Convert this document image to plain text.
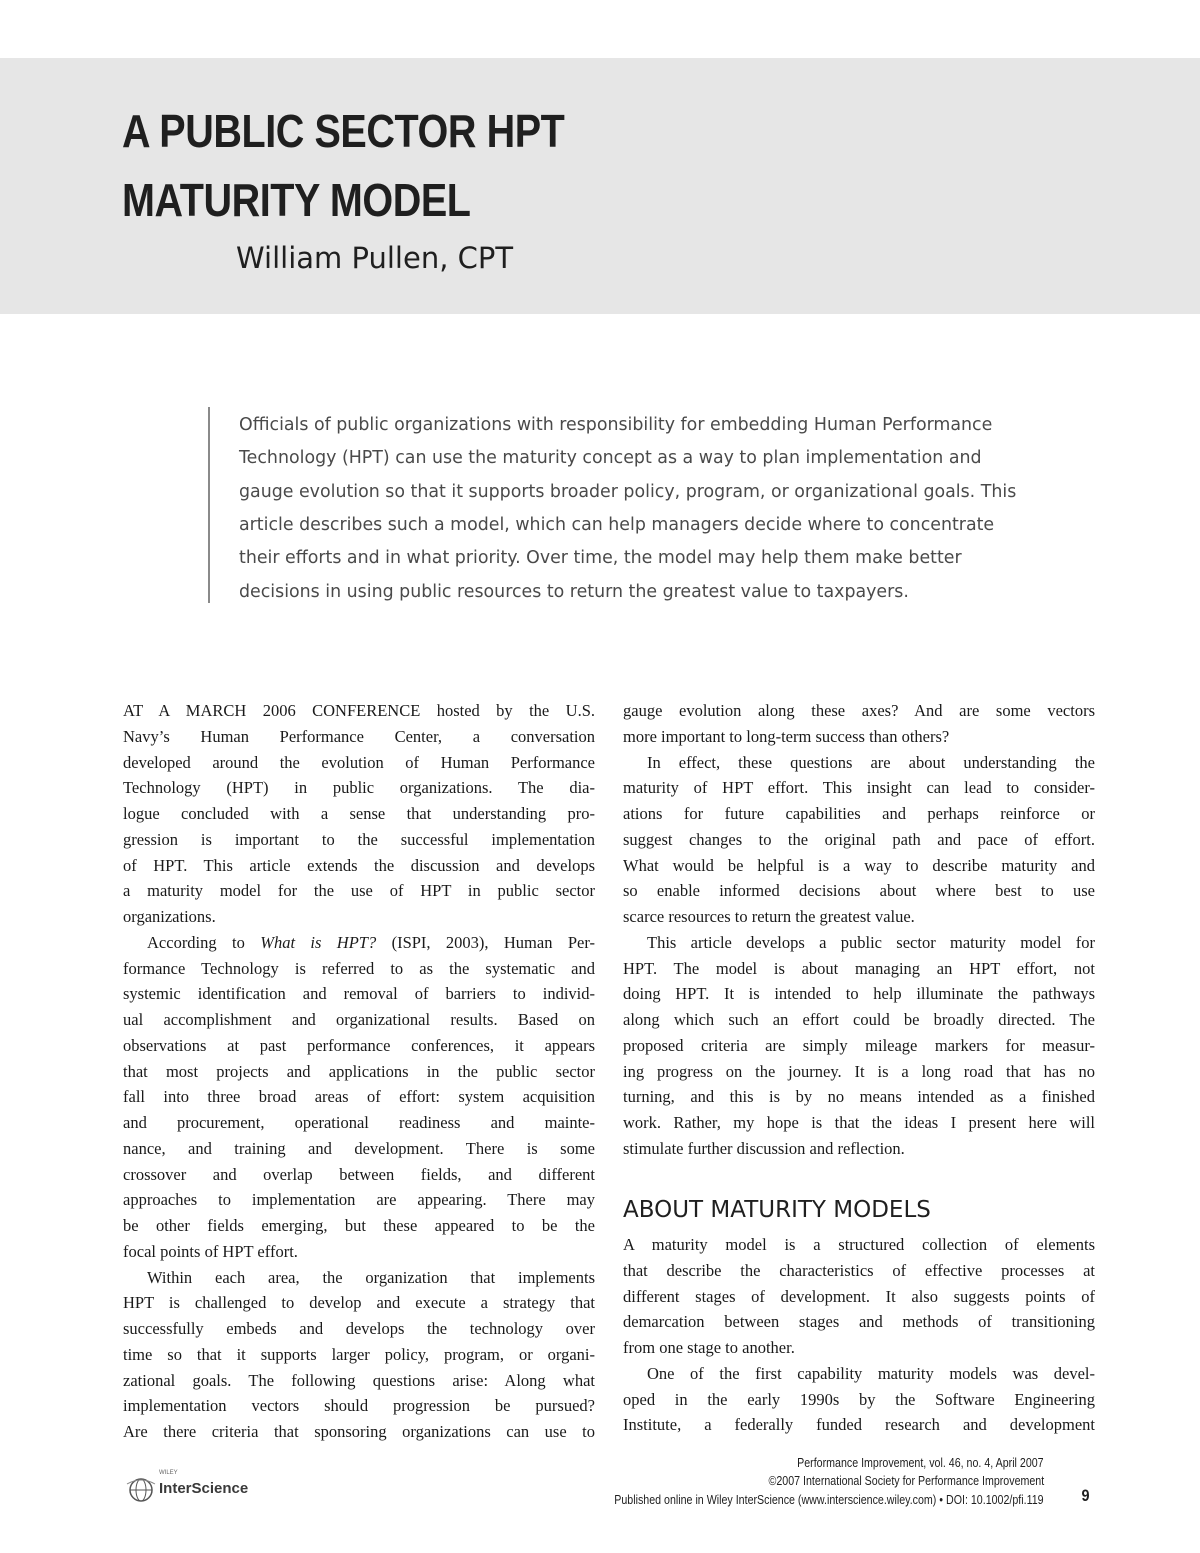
A PUBLIC SECTOR HPT
MATURITY MODEL
William Pullen, CPT
Officials of public organizations with responsibility for embedding Human Performance
Technology (HPT) can use the maturity concept as a way to plan implementation and
gauge evolution so that it supports broader policy, program, or organizational goals. This
article describes such a model, which can help managers decide where to concentrate
their efforts and in what priority. Over time, the model may help them make better
decisions in using public resources to return the greatest value to taxpayers.
AT A MARCH 2006 CONFERENCE hosted by the U.S.
Navy’s Human Performance Center, a conversation
developed around the evolution of Human Performance
Technology (HPT) in public organizations. The dia-
logue concluded with a sense that understanding pro-
gression is important to the successful implementation
of HPT. This article extends the discussion and develops
a maturity model for the use of HPT in public sector
organizations.
According to What is HPT? (ISPI, 2003), Human Per-
formance Technology is referred to as the systematic and
systemic identification and removal of barriers to individ-
ual accomplishment and organizational results. Based on
observations at past performance conferences, it appears
that most projects and applications in the public sector
fall into three broad areas of effort: system acquisition
and procurement, operational readiness and mainte-
nance, and training and development. There is some
crossover and overlap between fields, and different
approaches to implementation are appearing. There may
be other fields emerging, but these appeared to be the
focal points of HPT effort.
Within each area, the organization that implements
HPT is challenged to develop and execute a strategy that
successfully embeds and develops the technology over
time so that it supports larger policy, program, or organi-
zational goals. The following questions arise: Along what
implementation vectors should progression be pursued?
Are there criteria that sponsoring organizations can use to
gauge evolution along these axes? And are some vectors
more important to long-term success than others?
In effect, these questions are about understanding the
maturity of HPT effort. This insight can lead to consider-
ations for future capabilities and perhaps reinforce or
suggest changes to the original path and pace of effort.
What would be helpful is a way to describe maturity and
so enable informed decisions about where best to use
scarce resources to return the greatest value.
This article develops a public sector maturity model for
HPT. The model is about managing an HPT effort, not
doing HPT. It is intended to help illuminate the pathways
along which such an effort could be broadly directed. The
proposed criteria are simply mileage markers for measur-
ing progress on the journey. It is a long road that has no
turning, and this is by no means intended as a finished
work. Rather, my hope is that the ideas I present here will
stimulate further discussion and reflection.
ABOUT MATURITY MODELS
A maturity model is a structured collection of elements
that describe the characteristics of effective processes at
different stages of development. It also suggests points of
demarcation between stages and methods of transitioning
from one stage to another.
One of the first capability maturity models was devel-
oped in the early 1990s by the Software Engineering
Institute, a federally funded research and development
WILEY
InterScience
Performance Improvement, vol. 46, no. 4, April 2007
©2007 International Society for Performance Improvement
Published online in Wiley InterScience (www.interscience.wiley.com) • DOI: 10.1002/pfi.119 9
